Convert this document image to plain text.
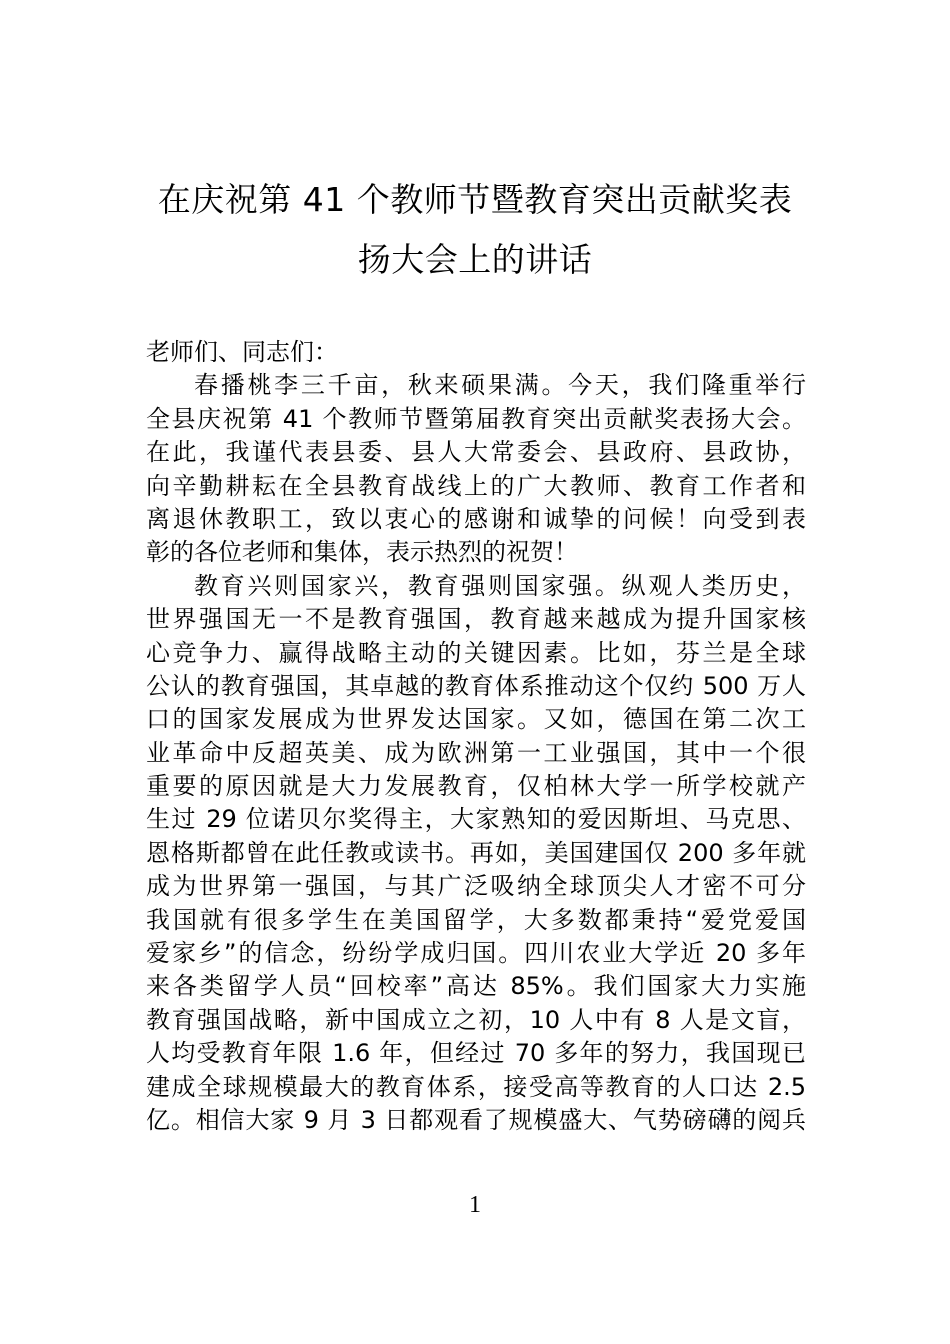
在庆祝第 41 个教师节暨教育突出贡献奖表
扬大会上的讲话
老师们、同志们：
春播桃李三千亩，秋来硕果满。今天，我们隆重举行
全县庆祝第 41 个教师节暨第届教育突出贡献奖表扬大会。
在此，我谨代表县委、县人大常委会、县政府、县政协，
向辛勤耕耘在全县教育战线上的广大教师、教育工作者和
离退休教职工，致以衷心的感谢和诚挚的问候！向受到表
彰的各位老师和集体，表示热烈的祝贺！
教育兴则国家兴，教育强则国家强。纵观人类历史，
世界强国无一不是教育强国，教育越来越成为提升国家核
心竞争力、赢得战略主动的关键因素。比如，芬兰是全球
公认的教育强国，其卓越的教育体系推动这个仅约 500 万人
口的国家发展成为世界发达国家。又如，德国在第二次工
业革命中反超英美、成为欧洲第一工业强国，其中一个很
重要的原因就是大力发展教育，仅柏林大学一所学校就产
生过 29 位诺贝尔奖得主，大家熟知的爱因斯坦、马克思、
恩格斯都曾在此任教或读书。再如，美国建国仅 200 多年就
成为世界第一强国，与其广泛吸纳全球顶尖人才密不可分
我国就有很多学生在美国留学，大多数都秉持“爱党爱国
爱家乡”的信念，纷纷学成归国。四川农业大学近 20 多年
来各类留学人员“回校率”高达 85%。我们国家大力实施
教育强国战略，新中国成立之初，10 人中有 8 人是文盲，
人均受教育年限 1.6 年，但经过 70 多年的努力，我国现已
建成全球规模最大的教育体系，接受高等教育的人口达 2.5
亿。相信大家 9 月 3 日都观看了规模盛大、气势磅礴的阅兵
1
